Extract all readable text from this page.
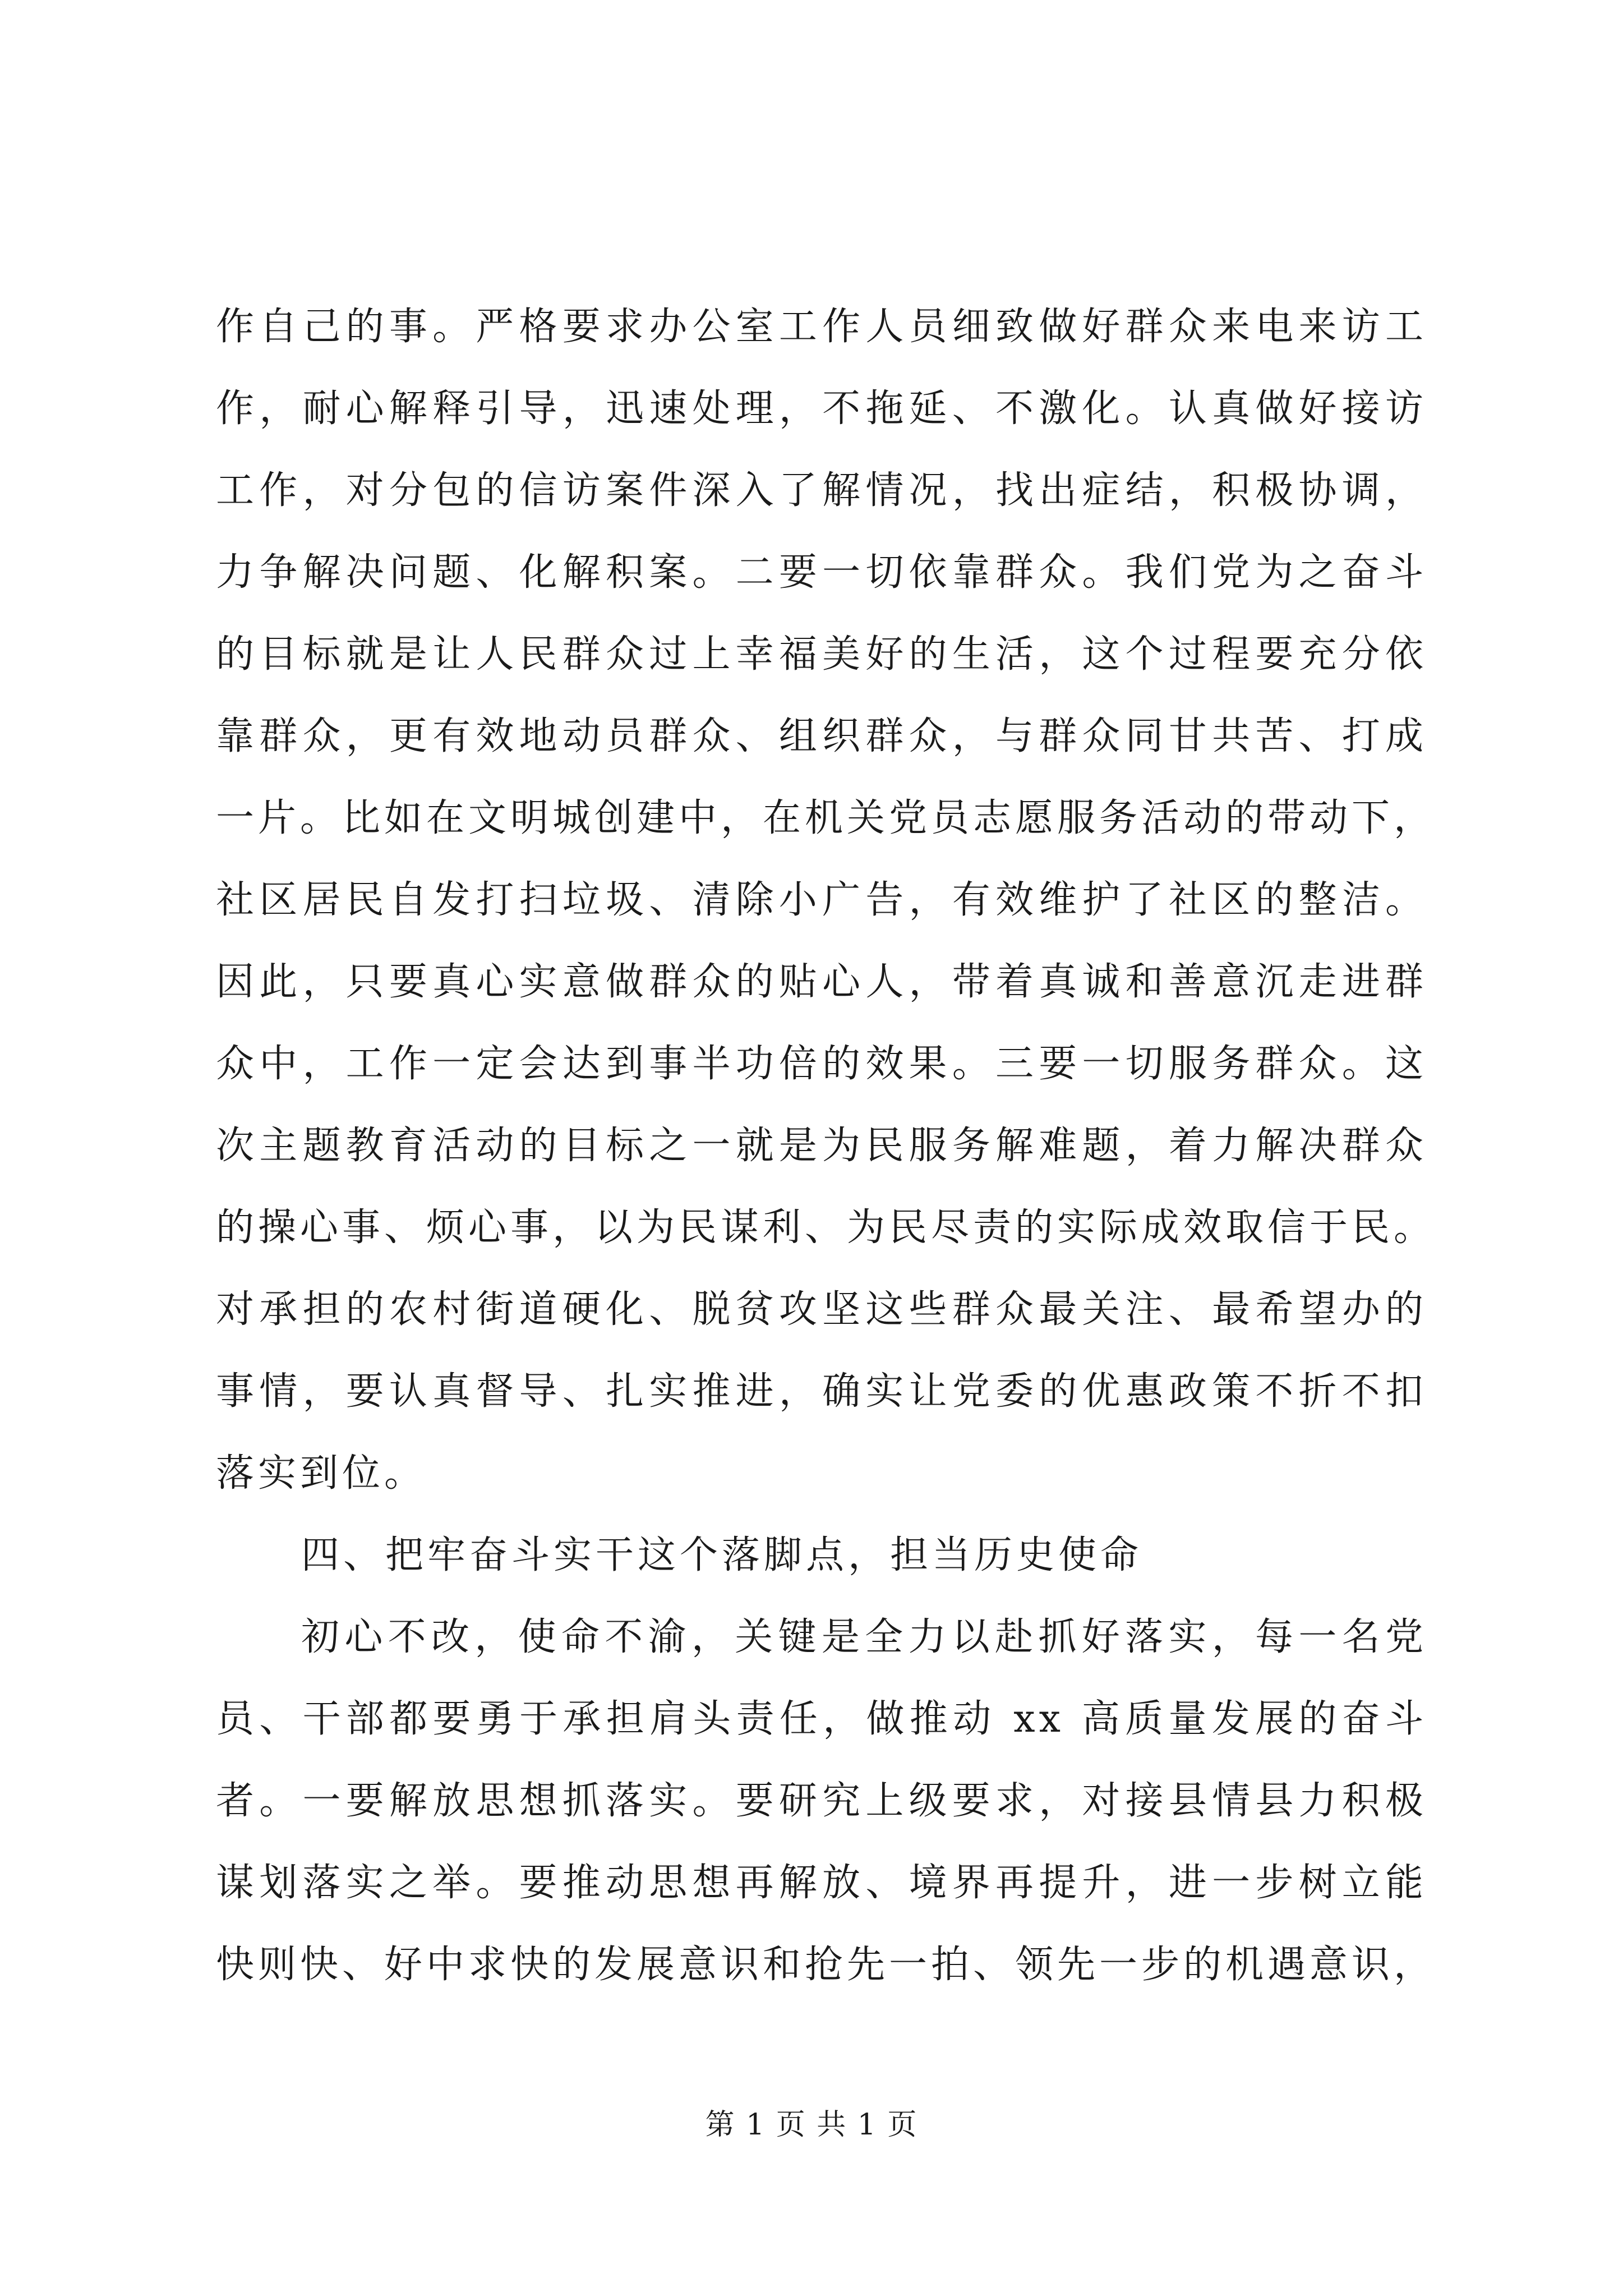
作自己的事。严格要求办公室工作人员细致做好群众来电来访工
作，耐心解释引导，迅速处理，不拖延、不激化。认真做好接访
工作，对分包的信访案件深入了解情况，找出症结，积极协调，
力争解决问题、化解积案。二要一切依靠群众。我们党为之奋斗
的目标就是让人民群众过上幸福美好的生活，这个过程要充分依
靠群众，更有效地动员群众、组织群众，与群众同甘共苦、打成
一片。比如在文明城创建中，在机关党员志愿服务活动的带动下，
社区居民自发打扫垃圾、清除小广告，有效维护了社区的整洁。
因此，只要真心实意做群众的贴心人，带着真诚和善意沉走进群
众中，工作一定会达到事半功倍的效果。三要一切服务群众。这
次主题教育活动的目标之一就是为民服务解难题，着力解决群众
的操心事、烦心事，以为民谋利、为民尽责的实际成效取信于民。
对承担的农村街道硬化、脱贫攻坚这些群众最关注、最希望办的
事情，要认真督导、扎实推进，确实让党委的优惠政策不折不扣
落实到位。
四、把牢奋斗实干这个落脚点，担当历史使命
初心不改，使命不渝，关键是全力以赴抓好落实，每一名党
员、干部都要勇于承担肩头责任，做推动 xx 高质量发展的奋斗
者。一要解放思想抓落实。要研究上级要求，对接县情县力积极
谋划落实之举。要推动思想再解放、境界再提升，进一步树立能
快则快、好中求快的发展意识和抢先一拍、领先一步的机遇意识，
第 1 页 共 1 页
